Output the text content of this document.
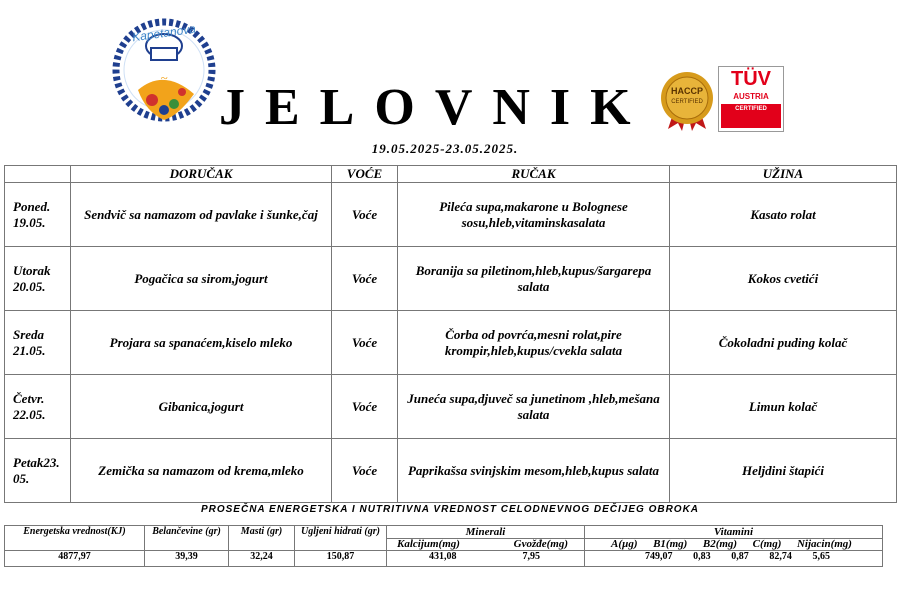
~
Kapetanova
JELOVNIK
19.05.2025-23.05.2025.
HACCP
CERTIFIED
TÜV
AUSTRIA
CERTIFIED
	DORUČAK	VOĆE	RUČAK	UŽINA
Poned. 19.05.	Sendvič sa namazom od pavlake i šunke,čaj	Voće	Pileća supa,makarone u Bolognese sosu,hleb,vitaminskasalata	Kasato rolat
Utorak 20.05.	Pogačica sa sirom,jogurt	Voće	Boranija sa piletinom,hleb,kupus/šargarepa salata	Kokos cvetići
Sreda 21.05.	Projara sa spanaćem,kiselo mleko	Voće	Čorba od povrća,mesni rolat,pire krompir,hleb,kupus/cvekla salata	Čokoladni puding kolač
Četvr. 22.05.	Gibanica,jogurt	Voće	Juneća supa,djuveč sa junetinom ,hleb,mešana salata	Limun kolač
Petak23. 05.	Zemička sa namazom od krema,mleko	Voće	Paprikašsa svinjskim mesom,hleb,kupus salata	Heljdini štapići
PROSEČNA ENERGETSKA I NUTRITIVNA VREDNOST CELODNEVNOG DEČIJEG OBROKA
Energetska vrednost(KJ)	Belančevine (gr)	Masti (gr)	Ugljeni hidrati (gr)	Minerali	Vitamini

				Kalcijum(mg) Gvožđe(mg)	A(µg) B1(mg) B2(mg) C(mg) Nijacin(mg)

4877,97	39,39	32,24	150,87	431,08 7,95	749,07 0,83 0,87 82,74 5,65
